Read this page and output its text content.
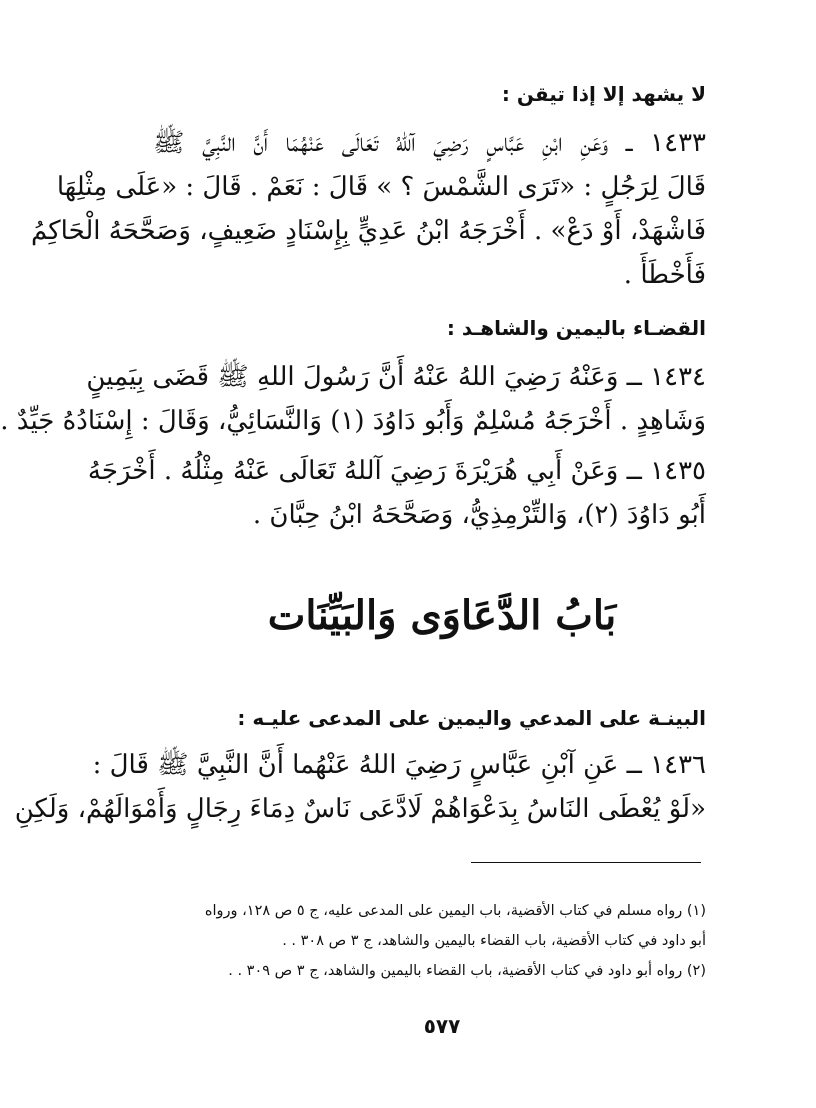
لا يشهد إلا إذا تيقن :
١٤٣٣ ــ وَعَنِ ابْنِ عَبَّاسٍ رَضِيَ آللهُ تَعَالَى عَنْهُمَا أَنَّ النَّبِيَّ ﷺ
قَالَ لِرَجُلٍ : «تَرَى الشَّمْسَ ؟ » قَالَ : نَعَمْ . قَالَ : «عَلَى مِثْلِهَا
فَاشْهَدْ، أَوْ دَعْ» . أَخْرَجَهُ ابْنُ عَدِيٍّ بِإِسْنَادٍ ضَعِيفٍ، وَصَحَّحَهُ الْحَاكِمُ
فَأَخْطَأَ .
القضـاء باليمين والشاهـد :
١٤٣٤ ــ وَعَنْهُ رَضِيَ اللهُ عَنْهُ أَنَّ رَسُولَ اللهِ ﷺ قَضَى بِيَمِينٍ
وَشَاهِدٍ . أَخْرَجَهُ مُسْلِمٌ وَأَبُو دَاوُدَ (١) وَالنَّسَائِيُّ، وَقَالَ : إِسْنَادُهُ جَيِّدٌ .
١٤٣٥ ــ وَعَنْ أَبِي هُرَيْرَةَ رَضِيَ آللهُ تَعَالَى عَنْهُ مِثْلُهُ . أَخْرَجَهُ
أَبُو دَاوُدَ (٢)، وَالتِّرْمِذِيُّ، وَصَحَّحَهُ ابْنُ حِبَّانَ .
بَابُ الدَّعَاوَى وَالبَيِّنَات
البينـة على المدعي واليمين على المدعى عليـه :
١٤٣٦ ــ عَنِ آبْنِ عَبَّاسٍ رَضِيَ اللهُ عَنْهُما أَنَّ النَّبِيَّ ﷺ قَالَ :
«لَوْ يُعْطَى النَاسُ بِدَعْوَاهُمْ لَادَّعَى نَاسٌ دِمَاءَ رِجَالٍ وَأَمْوَالَهُمْ، وَلَكِنِ
(١) رواه مسلم في كتاب الأقضية، باب اليمين على المدعى عليه، ج ٥ ص ١٢٨، ورواه
أبو داود في كتاب الأقضية، باب القضاء باليمين والشاهد، ج ٣ ص ٣٠٨ . .
(٢) رواه أبو داود في كتاب الأقضية، باب القضاء باليمين والشاهد، ج ٣ ص ٣٠٩ . .
٥٧٧
